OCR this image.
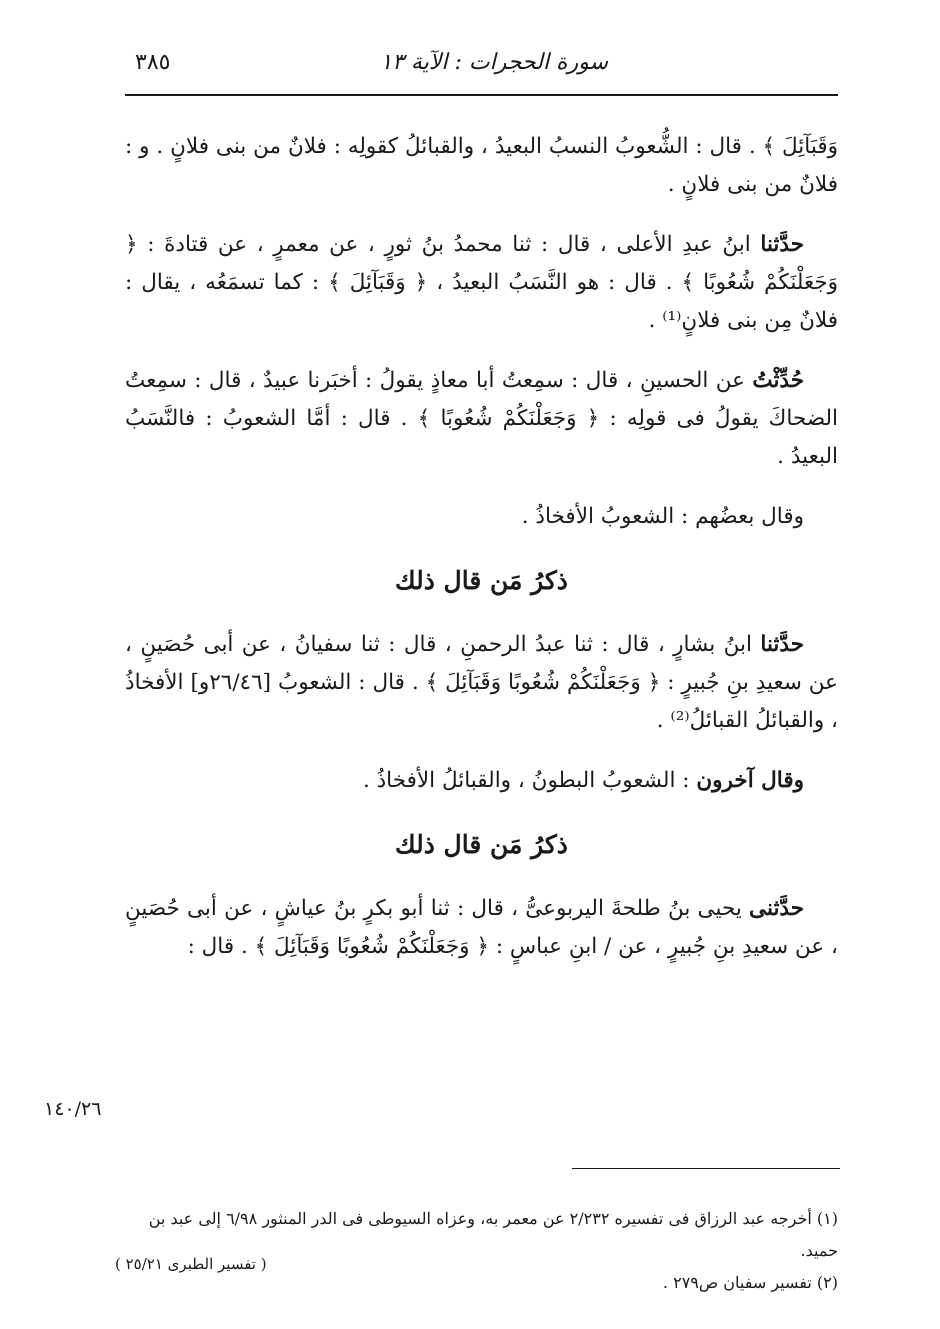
سورة الحجرات : الآية ١٣
٣٨٥

وَقَبَآئِلَ ﴾ . قال : الشُّعوبُ النسبُ البعيدُ ، والقبائلُ كقولِه : فلانٌ من بنى فلانٍ . و : فلانٌ من بنى فلانٍ .

حدَّثنا ابنُ عبدِ الأعلى ، قال : ثنا محمدُ بنُ ثورٍ ، عن معمرٍ ، عن قتادةَ : ﴿ وَجَعَلْنَكُمْ شُعُوبًا ﴾ . قال : هو النَّسَبُ البعيدُ ، ﴿ وَقَبَآئِلَ ﴾ : كما تسمَعُه ، يقال : فلانٌ مِن بنى فلانٍ⁽¹⁾ .

حُدِّثْتُ عن الحسينِ ، قال : سمِعتُ أبا معاذٍ يقولُ : أخبَرنا عبيدٌ ، قال : سمِعتُ الضحاكَ يقولُ فى قولِه : ﴿ وَجَعَلْنَكُمْ شُعُوبًا ﴾ . قال : أمَّا الشعوبُ : فالنَّسَبُ البعيدُ .

وقال بعضُهم : الشعوبُ الأفخاذُ .

ذكرُ مَن قال ذلك

حدَّثنا ابنُ بشارٍ ، قال : ثنا عبدُ الرحمنِ ، قال : ثنا سفيانُ ، عن أبى حُصَينٍ ، عن سعيدِ بنِ جُبيرٍ : ﴿ وَجَعَلْنَكُمْ شُعُوبًا وَقَبَآئِلَ ﴾ . قال : الشعوبُ [٢٦/٤٦و] الأفخاذُ ، والقبائلُ القبائلُ⁽²⁾ .

وقال آخرون : الشعوبُ البطونُ ، والقبائلُ الأفخاذُ .

ذكرُ مَن قال ذلك

حدَّثنى يحيى بنُ طلحةَ اليربوعىُّ ، قال : ثنا أبو بكرٍ بنُ عياشٍ ، عن أبى حُصَينٍ ، عن سعيدِ بنِ جُبيرٍ ، عن / ابنِ عباسٍ : ﴿ وَجَعَلْنَكُمْ شُعُوبًا وَقَبَآئِلَ ﴾ . قال :

١٤٠/٢٦

(١) أخرجه عبد الرزاق فى تفسيره ٢/٢٣٢ عن معمر به، وعزاه السيوطى فى الدر المنثور ٦/٩٨ إلى عبد بن حميد.

(٢) تفسير سفيان ص٢٧٩ .

( تفسير الطبرى ٢٥/٢١ )
